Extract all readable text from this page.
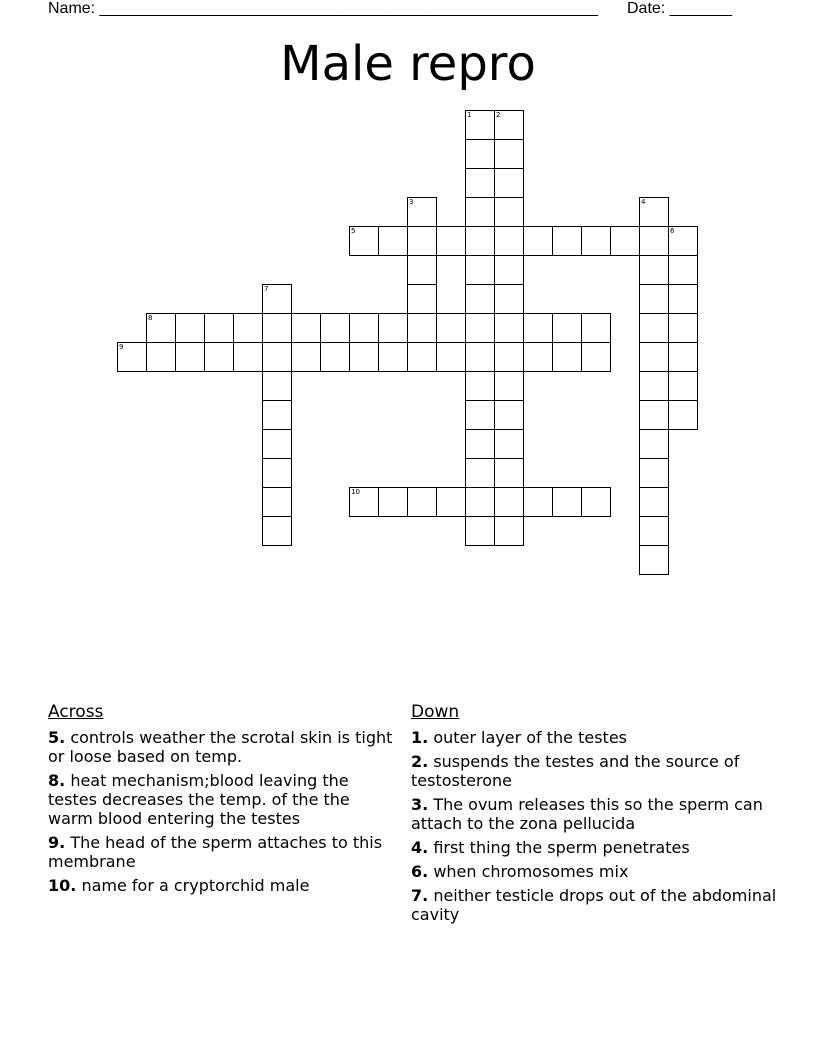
Name: ________________________________________________________ Date: _______
Male repro
1	2
3	4
5	6
7
8
9
10
Across
5. controls weather the scrotal skin is tight or loose based on temp.
8. heat mechanism;blood leaving the testes decreases the temp. of the the warm blood entering the testes
9. The head of the sperm attaches to this membrane
10. name for a cryptorchid male
Down
1. outer layer of the testes
2. suspends the testes and the source of testosterone
3. The ovum releases this so the sperm can attach to the zona pellucida
4. first thing the sperm penetrates
6. when chromosomes mix
7. neither testicle drops out of the abdominal cavity
